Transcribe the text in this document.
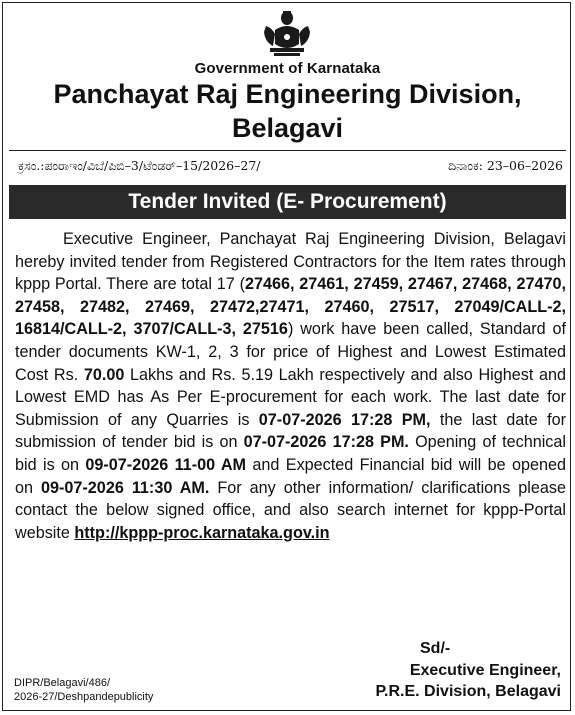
Government of Karnataka
Panchayat Raj Engineering Division,
Belagavi
ಕ್ರಸಂ.:ಪಂರಾಇಂ/ವಿಬೆ/ಪಿಬಿ–3/ಟೆಂಡರ್–15/2026–27/	ದಿನಾಂಕ: 23–06–2026
Tender Invited (E- Procurement)

Executive Engineer, Panchayat Raj Engineering Division, Belagavi hereby invited tender from Registered Contractors for the Item rates through kppp Portal. There are total 17 (27466, 27461, 27459, 27467, 27468, 27470, 27458, 27482, 27469, 27472,27471, 27460, 27517, 27049/CALL-2, 16814/CALL-2, 3707/CALL-3, 27516) work have been called, Standard of tender documents KW-1, 2, 3 for price of Highest and Lowest Estimated Cost Rs. 70.00 Lakhs and Rs. 5.19 Lakh respectively and also Highest and Lowest EMD has As Per E-procurement for each work. The last date for Submission of any Quarries is 07-07-2026 17:28 PM, the last date for submission of tender bid is on 07-07-2026 17:28 PM. Opening of technical bid is on 09-07-2026 11-00 AM and Expected Financial bid will be opened on 09-07-2026 11:30 AM. For any other information/ clarifications please contact the below signed office, and also search internet for kppp-Portal website http://kppp-proc.karnataka.gov.in

Sd/-
Executive Engineer,
P.R.E. Division, Belagavi
DIPR/Belagavi/486/
2026-27/Deshpandepublicity
